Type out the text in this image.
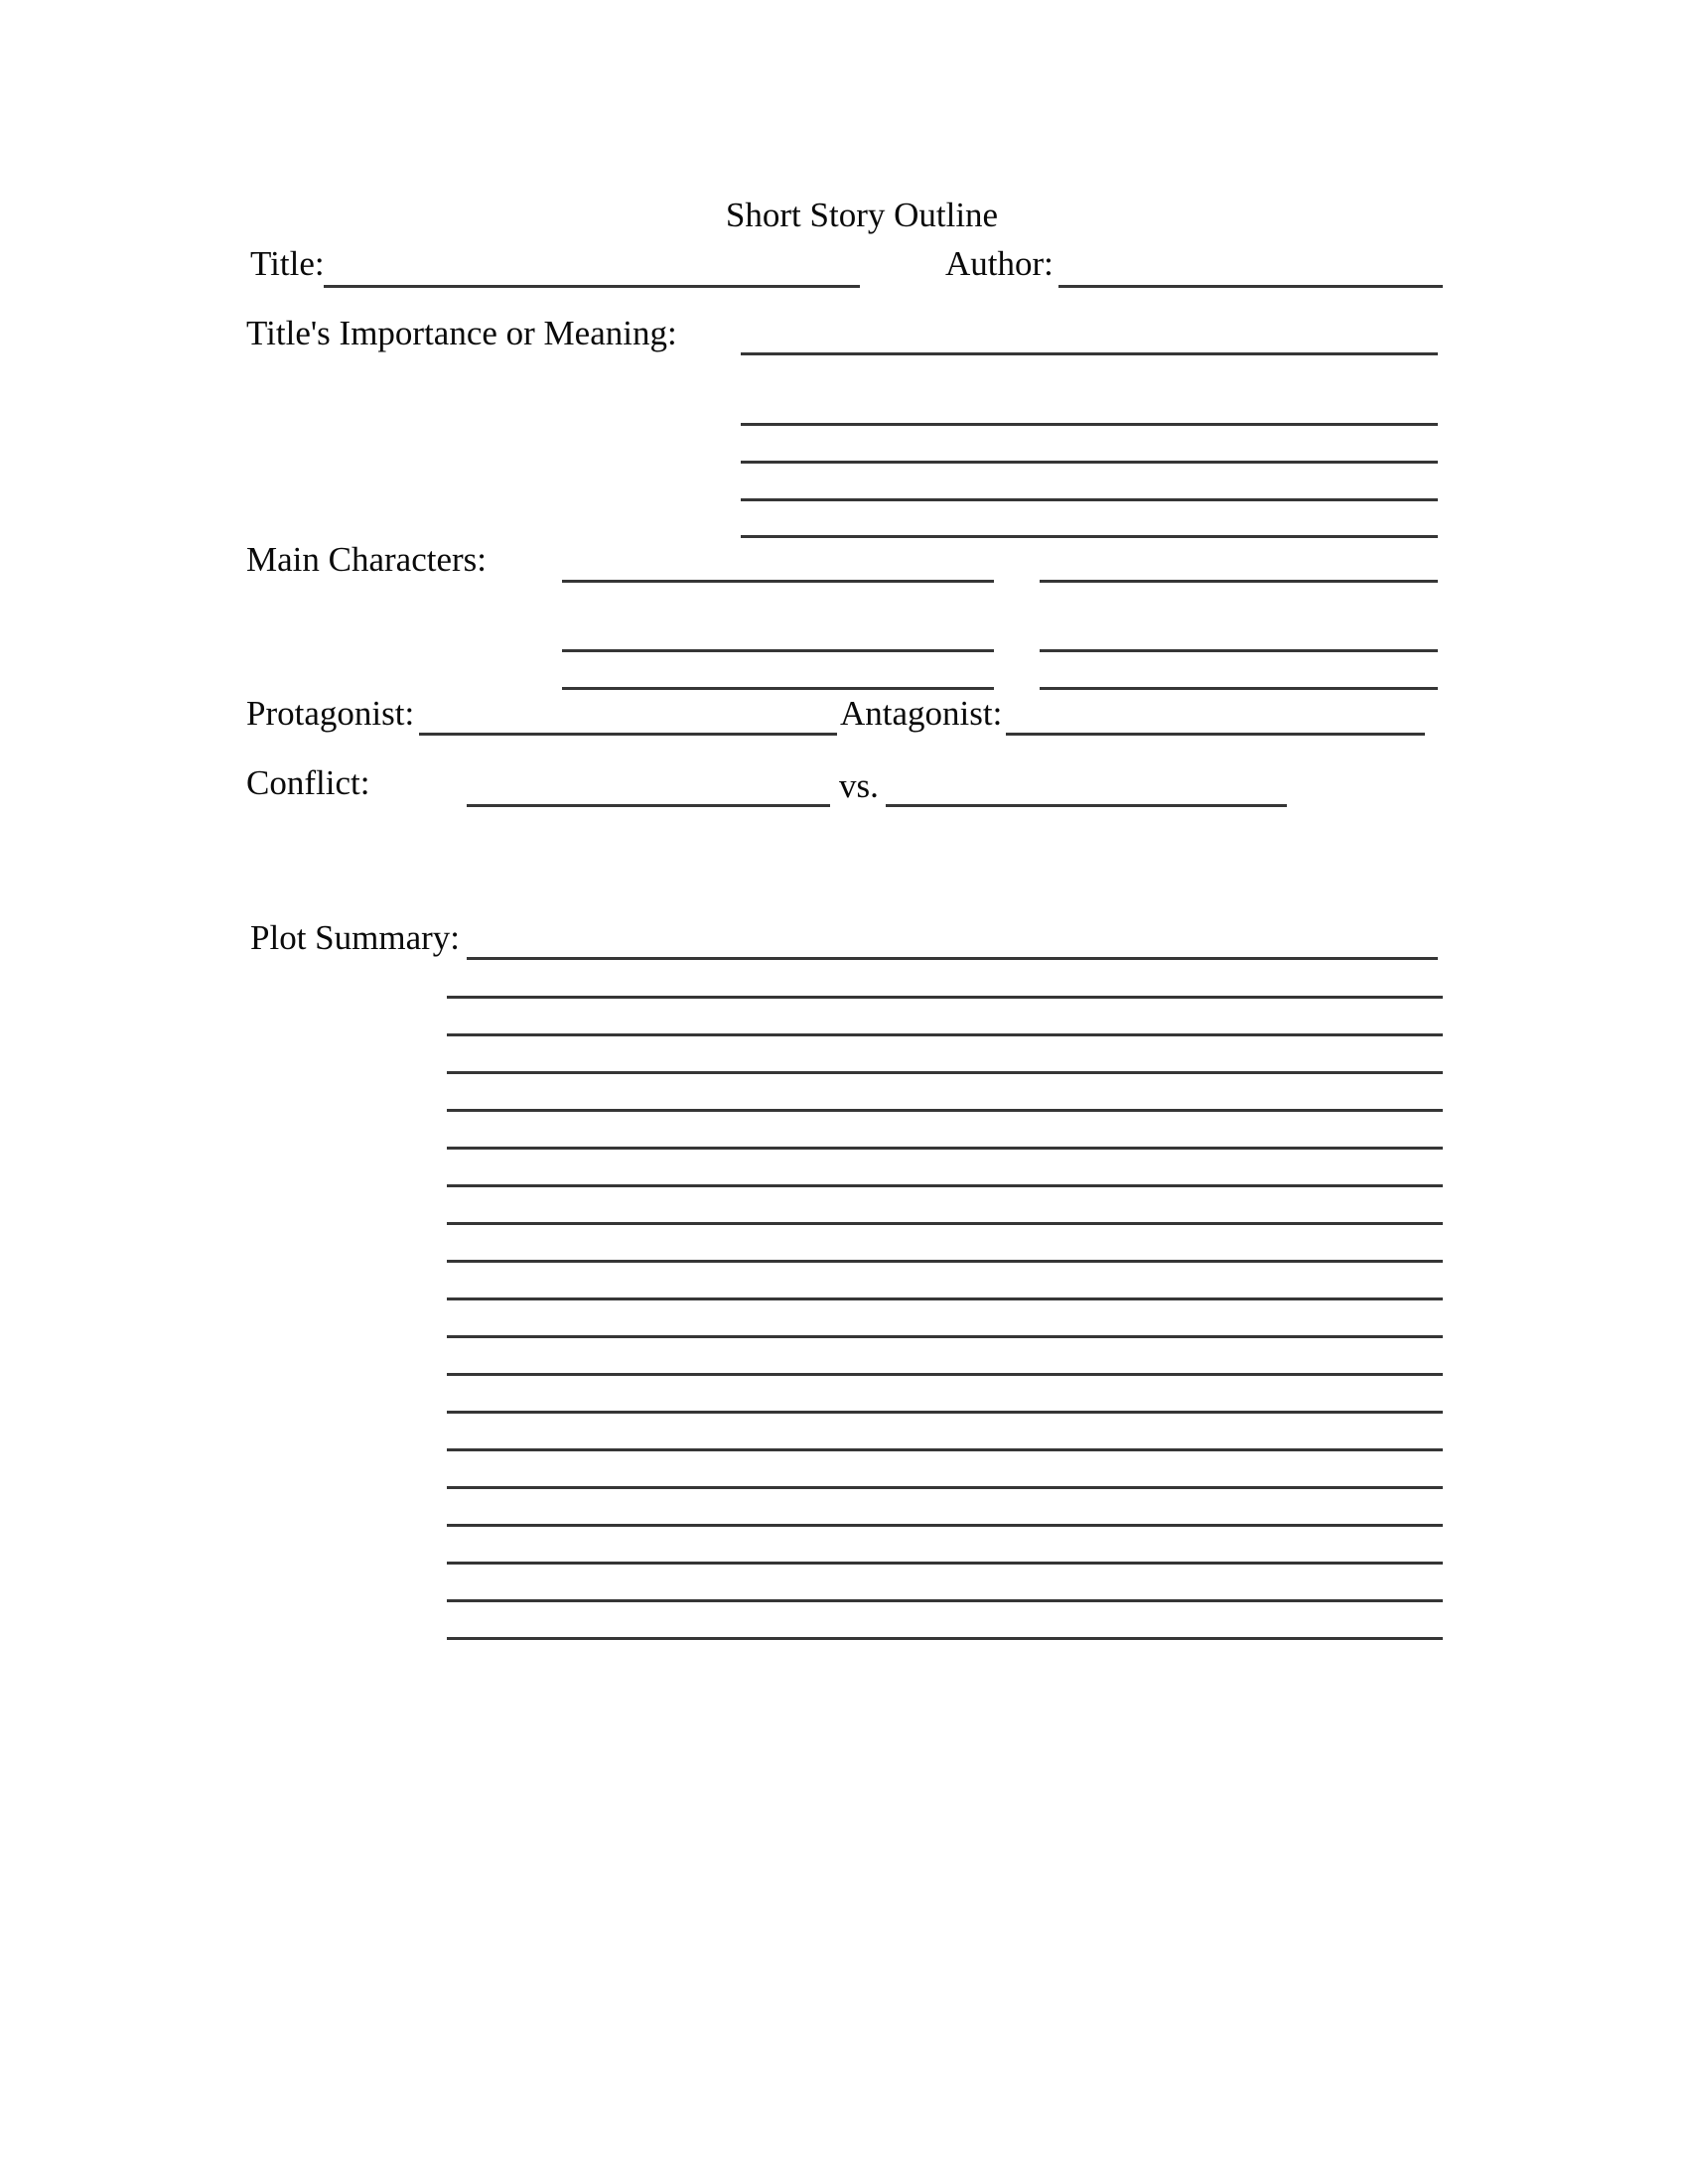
Short Story Outline
Title:	Author:
Title's Importance or Meaning:
Main Characters:
Protagonist:	Antagonist:
Conflict:	vs.
Plot Summary:
